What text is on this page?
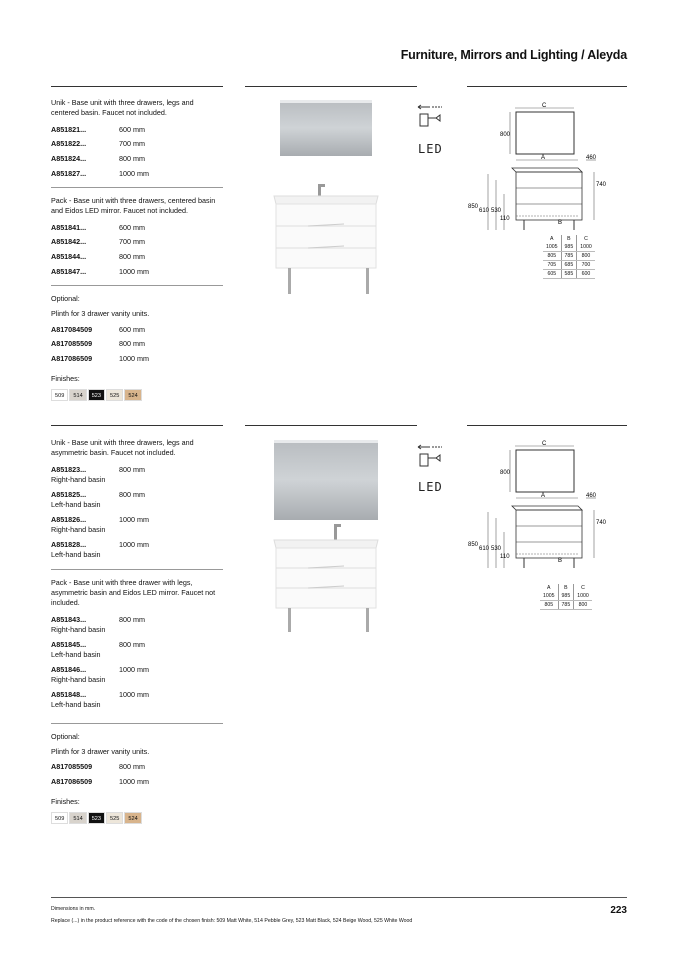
Furniture, Mirrors and Lighting / Aleyda
Unik - Base unit with three drawers, legs and centered basin. Faucet not included.
A851821...	600 mm
A851822...	700 mm
A851824...	800 mm
A851827...	1000 mm
Pack - Base unit with three drawers, centered basin and Eidos LED mirror. Faucet not included.
A851841...	600 mm
A851842...	700 mm
A851844...	800 mm
A851847...	1000 mm
Optional:
Plinth for 3 drawer vanity units.
A817084509	600 mm
A817085509	800 mm
A817086509	1000 mm
Finishes:
509	514	523	525	524
LED
C
800
A	460
740
850
610 530
110
B
A	B	C
1005	985	1000
805	785	800
705	685	700
605	585	600
Unik - Base unit with three drawers, legs and asymmetric basin. Faucet not included.
A851823...
Right-hand basin
800 mm
A851825...
Left-hand basin
800 mm
A851826...
Right-hand basin
1000 mm
A851828...
Left-hand basin
1000 mm
Pack - Base unit with three drawer with legs, asymmetric basin and Eidos LED mirror. Faucet not included.
A851843...
Right-hand basin
800 mm
A851845...
Left-hand basin
800 mm
A851846...
Right-hand basin
1000 mm
A851848...
Left-hand basin
1000 mm
Optional:
Plinth for 3 drawer vanity units.
A817085509	800 mm
A817086509	1000 mm
Finishes:
509	514	523	525	524
LED
C
800
A	460
740
850
610 530
110
B
A	B	C
1005	985	1000
805	785	800
Dimensions in mm.
Replace (...) in the product reference with the code of the chosen finish: 509 Matt White, 514 Pebble Grey, 523 Matt Black, 524 Beige Wood, 525 White Wood
223
